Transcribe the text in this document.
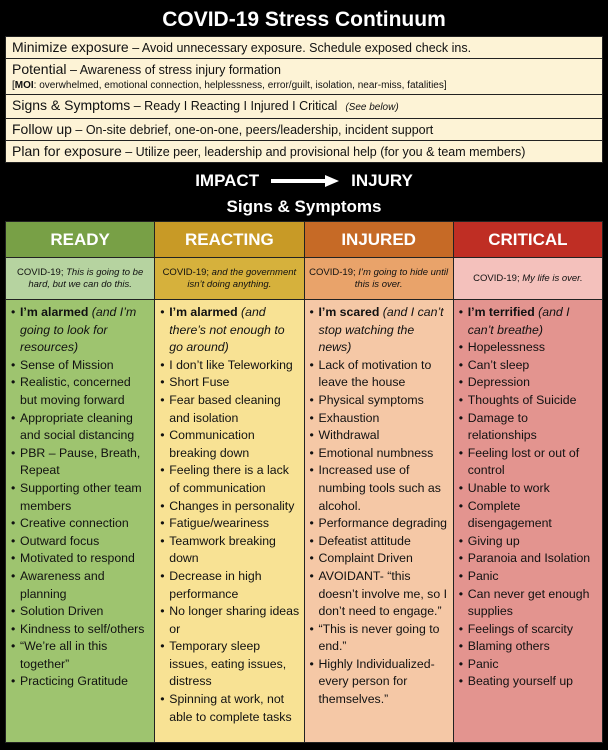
COVID-19 Stress Continuum
Minimize exposure – Avoid unnecessary exposure. Schedule exposed check ins.
Potential – Awareness of stress injury formation
[MOI: overwhelmed, emotional connection, helplessness, error/guilt, isolation, near-miss, fatalities]
Signs & Symptoms – Ready I Reacting I Injured I Critical (See below)
Follow up – On-site debrief, one-on-one, peers/leadership, incident support
Plan for exposure – Utilize peer, leadership and provisional help (for you & team members)
IMPACT	INJURY
Signs & Symptoms
READY
COVID-19; This is going to be hard, but we can do this.
• I’m alarmed (and I’m going to look for resources)
• Sense of Mission
• Realistic, concerned but moving forward
• Appropriate cleaning and social distancing
• PBR – Pause, Breath, Repeat
• Supporting other team members
• Creative connection
• Outward focus
• Motivated to respond
• Awareness and planning
• Solution Driven
• Kindness to self/others
• “We’re all in this together”
• Practicing Gratitude
REACTING
COVID-19; and the government isn’t doing anything.
• I’m alarmed (and there’s not enough to go around)
• I don’t like Teleworking
• Short Fuse
• Fear based cleaning and isolation
• Communication breaking down
• Feeling there is a lack of communication
• Changes in personality
• Fatigue/weariness
• Teamwork breaking down
• Decrease in high performance
• No longer sharing ideas or
• Temporary sleep issues, eating issues, distress
• Spinning at work, not able to complete tasks
INJURED
COVID-19; I’m going to hide until this is over.
• I’m scared (and I can’t stop watching the news)
• Lack of motivation to leave the house
• Physical symptoms
• Exhaustion
• Withdrawal
• Emotional numbness
• Increased use of numbing tools such as alcohol.
• Performance degrading
• Defeatist attitude
• Complaint Driven
• AVOIDANT- “this doesn’t involve me, so I don’t need to engage.”
• “This is never going to end.”
• Highly Individualized- every person for themselves.”
CRITICAL
COVID-19; My life is over.
• I’m terrified (and I can’t breathe)
• Hopelessness
• Can’t sleep
• Depression
• Thoughts of Suicide
• Damage to relationships
• Feeling lost or out of control
• Unable to work
• Complete disengagement
• Giving up
• Paranoia and Isolation
• Panic
• Can never get enough supplies
• Feelings of scarcity
• Blaming others
• Panic
• Beating yourself up
